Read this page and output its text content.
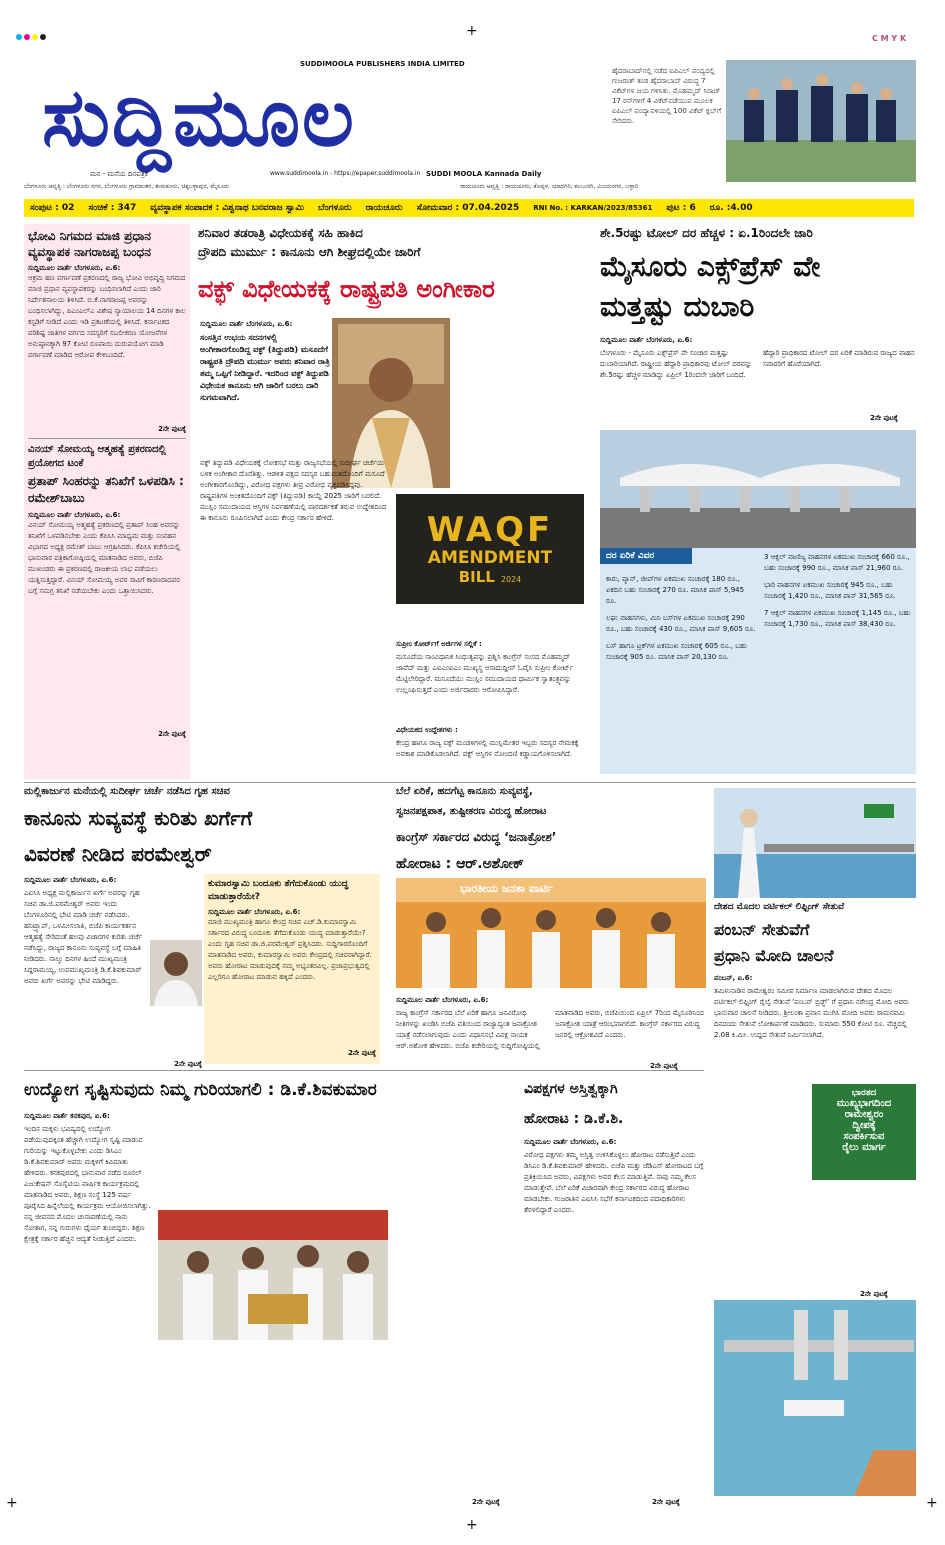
+	C M Y K
SUDDIMOOLA PUBLISHERS INDIA LIMITED
ಸುದ್ದಿಮೂಲ
ಮನ - ಮನೆಯ ದಿನಪತ್ರಿಕೆ	www.suddimoola.in - https://epaper.suddimoola.in SUDDI MOOLA Kannada Daily
ಹೈದರಾಬಾದ್‌ನಲ್ಲಿ ನಡೆದ ಐಪಿಎಲ್ ಪಂದ್ಯದಲ್ಲಿ ಗುಜರಾತ್ ತಂಡ ಹೈದರಾಬಾದ್ ವಿರುದ್ಧ 7 ವಿಕೆಟ್‌ಗಳ ಜಯ ಗಳಿಸಿತು. ಮೊಹಮ್ಮದ್ ಸಿರಾಜ್ 17 ರನ್‌ಗಳಿಗೆ 4 ವಿಕೆಟ್‌ಪಡೆಯುವ ಮೂಲಕ ಐಪಿಎಲ್ ಪಂದ್ಯಾವಳಿಯಲ್ಲಿ 100 ವಿಕೆಟ್ ಕ್ಲಬ್‌ಗೆ ಸೇರಿದರು.
ಬೆಂಗಳೂರು ಆವೃತ್ತಿ : ಬೆಂಗಳೂರು ನಗರ, ಬೆಂಗಳೂರು ಗ್ರಾಮಾಂತರ, ತುಮಕೂರು, ಚಿಕ್ಕಬಳ್ಳಾಪುರ, ಮೈಸೂರು	ರಾಯಚೂರು ಆವೃತ್ತಿ : ರಾಯಚೂರು, ಕೊಪ್ಪಳ, ಯಾದಗಿರಿ, ಕಲಬುರಗಿ, ವಿಜಯನಗರ, ಬಳ್ಳಾರಿ
ಸಂಪುಟ : 02 ಸಂಚಿಕೆ : 347 ವ್ಯವಸ್ಥಾಪಕ ಸಂಪಾದಕ : ವಿಶ್ವನಾಥ ಬನವರಾಜ ಸ್ವಾಮಿ ಬೆಂಗಳೂರು ರಾಯಚೂರು ಸೋಮವಾರ : 07.04.2025 RNI No. : KARKAN/2023/85361 ಪುಟ : 6 ರೂ. :4.00
ಭೋವಿ ನಿಗಮದ ಮಾಜಿ ಪ್ರಧಾನ ವ್ಯವಸ್ಥಾಪಕ ನಾಗರಾಜಪ್ಪ ಬಂಧನ
ಸುದ್ದಿಮೂಲ ವಾರ್ತೆ ಬೆಂಗಳೂರು, ಏ.6:
ಆಕ್ರಮ ಹಣ ವರ್ಗಾವಣೆ ಪ್ರಕರಣದಲ್ಲಿ ರಾಜ್ಯ ಭೋವಿ ಅಭಿವೃದ್ಧಿ ನಿಗಮದ ಮಾಜಿ ಪ್ರಧಾನ ವ್ಯವಸ್ಥಾಪಕರನ್ನು ಬಂಧಿಸಲಾಗಿದೆ ಎಂದು ಜಾರಿ ನಿರ್ದೇಶನಾಲಯ ತಿಳಿಸಿದೆ. ಬಿ.ಕೆ.ನಾಗರಾಜಪ್ಪ ಅವರನ್ನು ಬಂಧಿಸಲಾಗಿದ್ದು, ಪಿಎಂಎಲ್‌ಎ ವಿಶೇಷ ನ್ಯಾಯಾಲಯ 14 ದಿನಗಳ ಕಾಲ ಕಸ್ಟಡಿಗೆ ನೀಡಿದೆ ಎಂದು ಇಡಿ ಪ್ರಕಟಣೆಯಲ್ಲಿ ತಿಳಿಸಿದೆ. ಕರ್ನಾಟಕದ ಪರಿಶಿಷ್ಟ ಜಾತಿಗಳ ವರ್ಗದ ಸದಸ್ಯರಿಗೆ ಸಬಲೀಕರಣ ಯೋಜನೆಗಳ ಅನುಷ್ಠಾನಕ್ಕಾಗಿ 97 ಕೋಟಿ ರೂಪಾಯಿ ದುರುಪಯೋಗ ಮಾಡಿ ವರ್ಗಾವಣೆ ಮಾಡಿದ ಆರೋಪ ಕೇಳಿಬಂದಿದೆ.
2ನೇ ಪುಟಕ್ಕೆ
ವಿನಯ್ ಸೋಮಯ್ಯ ಆತ್ಮಹತ್ಯೆ ಪ್ರಕರಣದಲ್ಲಿ ಪ್ರಯೋಗದ ಟಂಕೆ
ಪ್ರತಾಪ್ ಸಿಂಹರನ್ನು ತನಿಖೆಗೆ ಒಳಪಡಿಸಿ : ರಮೇಶ್‌ಬಾಬು
ಸುದ್ದಿಮೂಲ ವಾರ್ತೆ ಬೆಂಗಳೂರು, ಏ.6:
ವಿನಯ್ ಸೋಮಯ್ಯ ಆತ್ಮಹತ್ಯೆ ಪ್ರಕರಣದಲ್ಲಿ ಪ್ರತಾಪ್ ಸಿಂಹ ಅವರನ್ನು ತನಿಖೆಗೆ ಒಳಪಡಿಸಬೇಕು ಎಂದು ಕೆಪಿಸಿಸಿ ಮಾಧ್ಯಮ ಮತ್ತು ಸಂವಹನ ವಿಭಾಗದ ಅಧ್ಯಕ್ಷ ರಮೇಶ್ ಬಾಬು ಆಗ್ರಹಿಸಿದರು. ಕೆಪಿಸಿಸಿ ಕಚೇರಿಯಲ್ಲಿ ಭಾನುವಾರ ಪತ್ರಿಕಾಗೋಷ್ಠಿಯಲ್ಲಿ ಮಾತನಾಡಿದ ಅವರು, ಬಿಜೆಪಿ ಮುಖಂಡರು ಈ ಪ್ರಕರಣದಲ್ಲಿ ರಾಜಕೀಯ ಲಾಭ ಪಡೆಯಲು ಯತ್ನಿಸುತ್ತಿದ್ದಾರೆ. ವಿನಯ್ ಸೋಮಯ್ಯ ಅವರ ಸಾವಿಗೆ ಕಾರಣರಾದವರ ಬಗ್ಗೆ ಸಮಗ್ರ ತನಿಖೆ ನಡೆಯಬೇಕು ಎಂದು ಒತ್ತಾಯಿಸಿದರು.
2ನೇ ಪುಟಕ್ಕೆ
ಶನಿವಾರ ತಡರಾತ್ರಿ ವಿಧೇಯಕಕ್ಕೆ ಸಹಿ ಹಾಕಿದ
ದ್ರೌಪದಿ ಮುರ್ಮು : ಕಾನೂನು ಆಗಿ ಶೀಘ್ರದಲ್ಲಿಯೇ ಜಾರಿಗೆ
ವಕ್ಫ್ ವಿಧೇಯಕಕ್ಕೆ ರಾಷ್ಟ್ರಪತಿ ಅಂಗೀಕಾರ
ಸುದ್ದಿಮೂಲ ವಾರ್ತೆ ಬೆಂಗಳೂರು, ಏ.6:
ಸಂಸತ್ತಿನ ಉಭಯ ಸದನಗಳಲ್ಲಿ ಅಂಗೀಕಾರಗೊಂಡಿದ್ದ ವಕ್ಫ್ (ತಿದ್ದುಪಡಿ) ಮಸೂದೆಗೆ ರಾಷ್ಟ್ರಪತಿ ದ್ರೌಪದಿ ಮುರ್ಮು ಅವರು ಶನಿವಾರ ರಾತ್ರಿ ತಮ್ಮ ಒಪ್ಪಿಗೆ ನೀಡಿದ್ದಾರೆ. ಇದರಿಂದ ವಕ್ಫ್ ತಿದ್ದುಪಡಿ ವಿಧೇಯಕ ಕಾನೂನು ಆಗಿ ಜಾರಿಗೆ ಬರಲು ದಾರಿ ಸುಗಮವಾಗಿದೆ.
ವಕ್ಫ್ ತಿದ್ದುಪಡಿ ವಿಧೇಯಕಕ್ಕೆ ಲೋಕಸಭೆ ಮತ್ತು ರಾಜ್ಯಸಭೆಯಲ್ಲಿ ಸುದೀರ್ಘ ಚರ್ಚೆಯ ಬಳಿಕ ಅಂಗೀಕಾರ ದೊರೆತಿತ್ತು. ಆಡಳಿತ ಪಕ್ಷದ ಸದಸ್ಯರ ಬಹುಮತದೊಂದಿಗೆ ಮಸೂದೆ ಅಂಗೀಕಾರಗೊಂಡಿದ್ದು, ವಿರೋಧ ಪಕ್ಷಗಳು ತೀವ್ರ ವಿರೋಧ ವ್ಯಕ್ತಪಡಿಸಿದ್ದವು. ರಾಷ್ಟ್ರಪತಿಗಳ ಅಂಕಿತದೊಂದಿಗೆ ವಕ್ಫ್ (ತಿದ್ದುಪಡಿ) ಕಾಯ್ದೆ 2025 ಜಾರಿಗೆ ಬರಲಿದೆ. ಮುಸ್ಲಿಂ ಸಮುದಾಯದ ಆಸ್ತಿಗಳ ನಿರ್ವಹಣೆಯಲ್ಲಿ ಪಾರದರ್ಶಕತೆ ತರುವ ಉದ್ದೇಶದಿಂದ ಈ ಕಾನೂನು ರೂಪಿಸಲಾಗಿದೆ ಎಂದು ಕೇಂದ್ರ ಸರ್ಕಾರ ಹೇಳಿದೆ.	WAQF
AMENDMENT
BILL 2024
ಸುಪ್ರೀಂ ಕೋರ್ಟ್‌ಗೆ ಅರ್ಜಿಗಳ ಸಲ್ಲಿಕೆ :
ಮಸೂದೆಯ ಸಾಂವಿಧಾನಿಕ ಸಿಂಧುತ್ವವನ್ನು ಪ್ರಶ್ನಿಸಿ ಕಾಂಗ್ರೆಸ್ ಸಂಸದ ಮೊಹಮ್ಮದ್ ಜಾವೆದ್ ಮತ್ತು ಎಐಎಂಐಎಂ ಮುಖ್ಯಸ್ಥ ಅಸಾದುದ್ದೀನ್ ಓವೈಸಿ ಸುಪ್ರೀಂ ಕೋರ್ಟ್ ಮೆಟ್ಟಿಲೇರಿದ್ದಾರೆ. ಮಸೂದೆಯು ಮುಸ್ಲಿಂ ಸಮುದಾಯದ ಧಾರ್ಮಿಕ ಸ್ವಾತಂತ್ರ್ಯವನ್ನು ಉಲ್ಲಂಘಿಸುತ್ತದೆ ಎಂದು ಅರ್ಜಿದಾರರು ಆರೋಪಿಸಿದ್ದಾರೆ.
ವಿಧೇಯಕದ ಉದ್ದೇಶಗಳು :
ಕೇಂದ್ರ ಹಾಗೂ ರಾಜ್ಯ ವಕ್ಫ್ ಮಂಡಳಿಗಳಲ್ಲಿ ಮುಸ್ಲಿಮೇತರ ಇಬ್ಬರು ಸದಸ್ಯರ ನೇಮಕಕ್ಕೆ ಅವಕಾಶ ಮಾಡಿಕೊಡಲಾಗಿದೆ. ವಕ್ಫ್ ಆಸ್ತಿಗಳ ನೋಂದಣಿ ಕಡ್ಡಾಯಗೊಳಿಸಲಾಗಿದೆ.
ಶೇ.5ರಷ್ಟು ಟೋಲ್ ದರ ಹೆಚ್ಚಳ : ಏ.1ರಿಂದಲೇ ಜಾರಿ
ಮೈಸೂರು ಎಕ್ಸ್‌ಪ್ರೆಸ್ ವೇ
ಮತ್ತಷ್ಟು ದುಬಾರಿ
ಸುದ್ದಿಮೂಲ ವಾರ್ತೆ ಬೆಂಗಳೂರು, ಏ.6:
ಬೆಂಗಳೂರು - ಮೈಸೂರು ಎಕ್ಸ್‌ಪ್ರೆಸ್ ವೇ ಸಂಚಾರ ಮತ್ತಷ್ಟು ದುಬಾರಿಯಾಗಿದೆ. ರಾಷ್ಟ್ರೀಯ ಹೆದ್ದಾರಿ ಪ್ರಾಧಿಕಾರವು ಟೋಲ್ ದರವನ್ನು ಶೇ.5ರಷ್ಟು ಹೆಚ್ಚಳ ಮಾಡಿದ್ದು ಏಪ್ರಿಲ್ 1ರಿಂದಲೇ ಜಾರಿಗೆ ಬಂದಿದೆ. ಹೆದ್ದಾರಿ ಪ್ರಾಧಿಕಾರದ ಟೋಲ್ ದರ ಏರಿಕೆ ಮಾಡಿರುವ ರಾಜ್ಯದ ವಾಹನ ಸವಾರರಿಗೆ ಹೊರೆಯಾಗಿದೆ.
2ನೇ ಪುಟಕ್ಕೆ
ದರ ಏರಿಕೆ ವಿವರ
ಕಾರು, ವ್ಯಾನ್, ಜೀಪ್‌ಗಳ ಏಕಮುಖ ಸಂಚಾರಕ್ಕೆ 180 ರೂ., ಏಕದಿನ ಬಹು ಸಂಚಾರಕ್ಕೆ 270 ರೂ. ಮಾಸಿಕ ಪಾಸ್ 5,945 ರೂ.
ಲಘು ವಾಹನಗಳು, ಮಿನಿ ಬಸ್‌ಗಳ ಏಕಮುಖ ಸಂಚಾರಕ್ಕೆ 290 ರೂ., ಬಹು ಸಂಚಾರಕ್ಕೆ 430 ರೂ., ಮಾಸಿಕ ಪಾಸ್ 9,605 ರೂ.
ಬಸ್ ಹಾಗೂ ಟ್ರಕ್‌ಗಳ ಏಕಮುಖ ಸಂಚಾರಕ್ಕೆ 605 ರೂ., ಬಹು ಸಂಚಾರಕ್ಕೆ 905 ರೂ. ಮಾಸಿಕ ಪಾಸ್ 20,130 ರೂ.
3 ಆಕ್ಸಲ್ ವಾಣಿಜ್ಯ ವಾಹನಗಳ ಏಕಮುಖ ಸಂಚಾರಕ್ಕೆ 660 ರೂ., ಬಹು ಸಂಚಾರಕ್ಕೆ 990 ರೂ., ಮಾಸಿಕ ಪಾಸ್ 21,960 ರೂ.
ಭಾರಿ ವಾಹನಗಳ ಏಕಮುಖ ಸಂಚಾರಕ್ಕೆ 945 ರೂ., ಬಹು ಸಂಚಾರಕ್ಕೆ 1,420 ರೂ., ಮಾಸಿಕ ಪಾಸ್ 31,565 ರೂ.
7 ಆಕ್ಸಲ್ ವಾಹನಗಳ ಏಕಮುಖ ಸಂಚಾರಕ್ಕೆ 1,145 ರೂ., ಬಹು ಸಂಚಾರಕ್ಕೆ 1,730 ರೂ., ಮಾಸಿಕ ಪಾಸ್ 38,430 ರೂ.
ಮಲ್ಲಿಕಾರ್ಜುನ ಮನೆಯಲ್ಲಿ ಸುದೀರ್ಘ ಚರ್ಚೆ ನಡೆಸಿದ ಗೃಹ ಸಚಿವ
ಕಾನೂನು ಸುವ್ಯವಸ್ಥೆ ಕುರಿತು ಖರ್ಗೆಗೆ
ವಿವರಣೆ ನೀಡಿದ ಪರಮೇಶ್ವರ್
ಸುದ್ದಿಮೂಲ ವಾರ್ತೆ ಬೆಂಗಳೂರು, ಏ.6:
ಎಐಸಿಸಿ ಅಧ್ಯಕ್ಷ ಮಲ್ಲಿಕಾರ್ಜುನ ಖರ್ಗೆ ಅವರನ್ನು ಗೃಹ ಸಚಿವ ಡಾ.ಜಿ.ಪರಮೇಶ್ವರ್ ಅವರು ಇಂದು ಬೆಂಗಳೂರಿನಲ್ಲಿ ಭೇಟಿ ಮಾಡಿ ಚರ್ಚೆ ನಡೆಸಿದರು. ಹನಿಟ್ರ್ಯಾಪ್, ಒಳಮೀಸಲಾತಿ, ಬಿಜೆಪಿ ಕಾರ್ಯಕರ್ತನ ಆತ್ಮಹತ್ಯೆ ಸೇರಿದಂತೆ ಹಲವು ವಿಚಾರಗಳ ಕುರಿತು ಚರ್ಚೆ ನಡೆಸಿದ್ದು, ರಾಜ್ಯದ ಕಾನೂನು ಸುವ್ಯವಸ್ಥೆ ಬಗ್ಗೆ ಮಾಹಿತಿ ನೀಡಿದರು. ನಾಲ್ಕು ದಿನಗಳ ಹಿಂದೆ ಮುಖ್ಯಮಂತ್ರಿ ಸಿದ್ದರಾಮಯ್ಯ, ಉಪಮುಖ್ಯಮಂತ್ರಿ ಡಿ.ಕೆ.ಶಿವಕುಮಾರ್ ಅವರು ಖರ್ಗೆ ಅವರನ್ನು ಭೇಟಿ ಮಾಡಿದ್ದರು.
2ನೇ ಪುಟಕ್ಕೆ
ಕುಮಾರಸ್ವಾಮಿ ಬಂದೂಕು ತೆಗೆದುಕೊಂಡು ಯುದ್ಧ ಮಾಡುತ್ತಾರೆಯೇ?
ಸುದ್ದಿಮೂಲ ವಾರ್ತೆ ಬೆಂಗಳೂರು, ಏ.6:
ಮಾಜಿ ಮುಖ್ಯಮಂತ್ರಿ ಹಾಗೂ ಕೇಂದ್ರ ಸಚಿವ ಎಚ್.ಡಿ.ಕುಮಾರಸ್ವಾಮಿ ಸರ್ಕಾರದ ವಿರುದ್ಧ ಬಂದೂಕು ತೆಗೆದುಕೊಂಡು ಯುದ್ಧ ಮಾಡುತ್ತಾರೆಯೇ? ಎಂದು ಗೃಹ ಸಚಿವ ಡಾ.ಜಿ.ಪರಮೇಶ್ವರ್ ಪ್ರಶ್ನಿಸಿದರು. ಸುದ್ದಿಗಾರರೊಂದಿಗೆ ಮಾತನಾಡಿದ ಅವರು, ಕುಮಾರಸ್ವಾಮಿ ಅವರು ಕೇಂದ್ರದಲ್ಲಿ ಸಚಿವರಾಗಿದ್ದಾರೆ. ಅವರು ಹೋರಾಟ ಮಾಡುವುದಕ್ಕೆ ನಮ್ಮ ಅಭ್ಯಂತರವಿಲ್ಲ. ಪ್ರಜಾಪ್ರಭುತ್ವದಲ್ಲಿ ಎಲ್ಲರಿಗೂ ಹೋರಾಟ ಮಾಡುವ ಹಕ್ಕಿದೆ ಎಂದರು.
2ನೇ ಪುಟಕ್ಕೆ
ಬೆಲೆ ಏರಿಕೆ, ಹದಗೆಟ್ಟ ಕಾನೂನು ಸುವ್ಯವಸ್ಥೆ,
ಸ್ವಜನಪಕ್ಷಪಾತ, ತುಷ್ಟೀಕರಣ ವಿರುದ್ಧ ಹೋರಾಟ
ಕಾಂಗ್ರೆಸ್ ಸರ್ಕಾರದ ವಿರುದ್ಧ ‘ಜನಾಕ್ರೋಶ’
ಹೋರಾಟ : ಆರ್.ಅಶೋಕ್
ಭಾರತೀಯ ಜನತಾ ಪಾರ್ಟಿ
ಸುದ್ದಿಮೂಲ ವಾರ್ತೆ ಬೆಂಗಳೂರು, ಏ.6:
ರಾಜ್ಯ ಕಾಂಗ್ರೆಸ್ ಸರ್ಕಾರದ ಬೆಲೆ ಏರಿಕೆ ಹಾಗೂ ಜನವಿರೋಧಿ ನೀತಿಗಳನ್ನು ಖಂಡಿಸಿ ಬಿಜೆಪಿ ವತಿಯಿಂದ ರಾಜ್ಯಾದ್ಯಂತ ಜನಾಕ್ರೋಶ ಯಾತ್ರೆ ನಡೆಸಲಾಗುವುದು ಎಂದು ವಿಧಾನಸಭೆ ವಿಪಕ್ಷ ನಾಯಕ ಆರ್.ಅಶೋಕ ಹೇಳಿದರು. ಬಿಜೆಪಿ ಕಚೇರಿಯಲ್ಲಿ ಸುದ್ದಿಗೋಷ್ಠಿಯಲ್ಲಿ ಮಾತನಾಡಿದ ಅವರು, ಬಿಜೆಪಿಯಿಂದ ಏಪ್ರಿಲ್ 7ರಿಂದ ಮೈಸೂರಿನಿಂದ ಜನಾಕ್ರೋಶ ಯಾತ್ರೆ ಆರಂಭವಾಗಲಿದೆ. ಕಾಂಗ್ರೆಸ್ ಸರ್ಕಾರದ ವಿರುದ್ಧ ಜನರಲ್ಲಿ ಆಕ್ರೋಶವಿದೆ ಎಂದರು.
2ನೇ ಪುಟಕ್ಕೆ
ದೇಶದ ಮೊದಲ ವರ್ಟಿಕಲ್ ಲಿಫ್ಟಿಂಗ್ ಸೇತುವೆ
ಪಂಬನ್ ಸೇತುವೆಗೆ
ಪ್ರಧಾನಿ ಮೋದಿ ಚಾಲನೆ
ಪಂಬನ್, ಏ.6:
ತಮಿಳುನಾಡಿನ ರಾಮೇಶ್ವರಂ ಸಮೀಪ ನಿರ್ಮಾಣ ಮಾಡಲಾಗಿರುವ ದೇಶದ ಮೊದಲ ವರ್ಟಿಕಲ್ ಲಿಫ್ಟಿಂಗ್ ರೈಲ್ವೆ ಸೇತುವೆ ‘ಪಂಬನ್ ಬ್ರಿಡ್ಜ್’ ಗೆ ಪ್ರಧಾನಿ ನರೇಂದ್ರ ಮೋದಿ ಅವರು ಭಾನುವಾರ ಚಾಲನೆ ನೀಡಿದರು. ಶ್ರೀಲಂಕಾ ಪ್ರವಾಸ ಮುಗಿಸಿ ಮೋದಿ ಅವರು ರಾಮನವಮಿ ದಿನದಂದು ಸೇತುವೆ ಲೋಕಾರ್ಪಣೆ ಮಾಡಿದರು. ಸುಮಾರು 550 ಕೋಟಿ ರೂ. ವೆಚ್ಚದಲ್ಲಿ 2.08 ಕಿ.ಮೀ. ಉದ್ದದ ಸೇತುವೆ ನಿರ್ಮಿಸಲಾಗಿದೆ.
ಭಾರತದ
ಮುಖ್ಯಭಾಗದಿಂದ
ರಾಮೇಶ್ವರಂ
ದ್ವೀಪಕ್ಕೆ
ಸಂಪರ್ಕಿಸುವ
ರೈಲು ಮಾರ್ಗ
2ನೇ ಪುಟಕ್ಕೆ
ಉದ್ಯೋಗ ಸೃಷ್ಟಿಸುವುದು ನಿಮ್ಮ ಗುರಿಯಾಗಲಿ : ಡಿ.ಕೆ.ಶಿವಕುಮಾರ
ಸುದ್ದಿಮೂಲ ವಾರ್ತೆ ಕನಕಪುರ, ಏ.6:
ಇಂದಿನ ಮಕ್ಕಳು ಭವಿಷ್ಯದಲ್ಲಿ ಉದ್ಯೋಗ ಪಡೆಯುವುದಕ್ಕಿಂತ ಹೆಚ್ಚಾಗಿ ಉದ್ಯೋಗ ಸೃಷ್ಟಿ ಮಾಡುವ ಗುರಿಯನ್ನು ಇಟ್ಟುಕೊಳ್ಳಬೇಕು ಎಂದು ಡಿಸಿಎಂ ಡಿ.ಕೆ.ಶಿವಕುಮಾರ್ ಅವರು ಮಕ್ಕಳಿಗೆ ಕಿವಿಮಾತು ಹೇಳಿದರು. ಕನಕಪುರದಲ್ಲಿ ಭಾನುವಾರ ನಡೆದ ರೂರಲ್ ಎಜುಕೇಷನ್ ಸೊಸೈಟಿಯ ವಾರ್ಷಿಕ ಕಾರ್ಯಕ್ರಮದಲ್ಲಿ ಮಾತನಾಡಿದ ಅವರು, ಶಿಕ್ಷಣ ಸಂಸ್ಥೆ 125 ವರ್ಷ ಪೂರೈಸಿದ ಹಿನ್ನೆಲೆಯಲ್ಲಿ ಕಾರ್ಯಕ್ರಮ ಆಯೋಜಿಸಲಾಗಿತ್ತು. ನನ್ನ ಜೀವನದ ಮೊದಲ ಚುನಾವಣೆಯಲ್ಲಿ ನಾನು ಸೋತಾಗ, ನನ್ನ ಗುರುಗಳು ಧೈರ್ಯ ತುಂಬಿದ್ದರು. ಶಿಕ್ಷಣ ಕ್ಷೇತ್ರಕ್ಕೆ ಸರ್ಕಾರ ಹೆಚ್ಚಿನ ಆದ್ಯತೆ ನೀಡುತ್ತಿದೆ ಎಂದರು.
2ನೇ ಪುಟಕ್ಕೆ
ವಿಪಕ್ಷಗಳ ಅಸ್ತಿತ್ವಕ್ಕಾಗಿ
ಹೋರಾಟ : ಡಿ.ಕೆ.ಶಿ.
ಸುದ್ದಿಮೂಲ ವಾರ್ತೆ ಬೆಂಗಳೂರು, ಏ.6:
ವಿರೋಧ ಪಕ್ಷಗಳು ತಮ್ಮ ಅಸ್ತಿತ್ವ ಉಳಿಸಿಕೊಳ್ಳಲು ಹೋರಾಟ ನಡೆಸುತ್ತಿವೆ ಎಂದು ಡಿಸಿಎಂ ಡಿ.ಕೆ.ಶಿವಕುಮಾರ್ ಹೇಳಿದರು. ಬಿಜೆಪಿ ಮತ್ತು ಜೆಡಿಎಸ್ ಹೋರಾಟದ ಬಗ್ಗೆ ಪ್ರತಿಕ್ರಿಯಿಸಿದ ಅವರು, ವಿಪಕ್ಷಗಳು ಅವರ ಕೆಲಸ ಮಾಡುತ್ತಿವೆ. ನಾವು ನಮ್ಮ ಕೆಲಸ ಮಾಡುತ್ತೇವೆ. ಬೆಲೆ ಏರಿಕೆ ವಿಚಾರವಾಗಿ ಕೇಂದ್ರ ಸರ್ಕಾರದ ವಿರುದ್ಧ ಹೋರಾಟ ಮಾಡಬೇಕು. ಗುಜರಾತಿನ ಎಐಸಿಸಿ ಸಭೆಗೆ ಕರ್ನಾಟಕದಿಂದ ಪದಾಧಿಕಾರಿಗಳು ತೆರಳಲಿದ್ದಾರೆ ಎಂದರು.
2ನೇ ಪುಟಕ್ಕೆ
+
+	+
